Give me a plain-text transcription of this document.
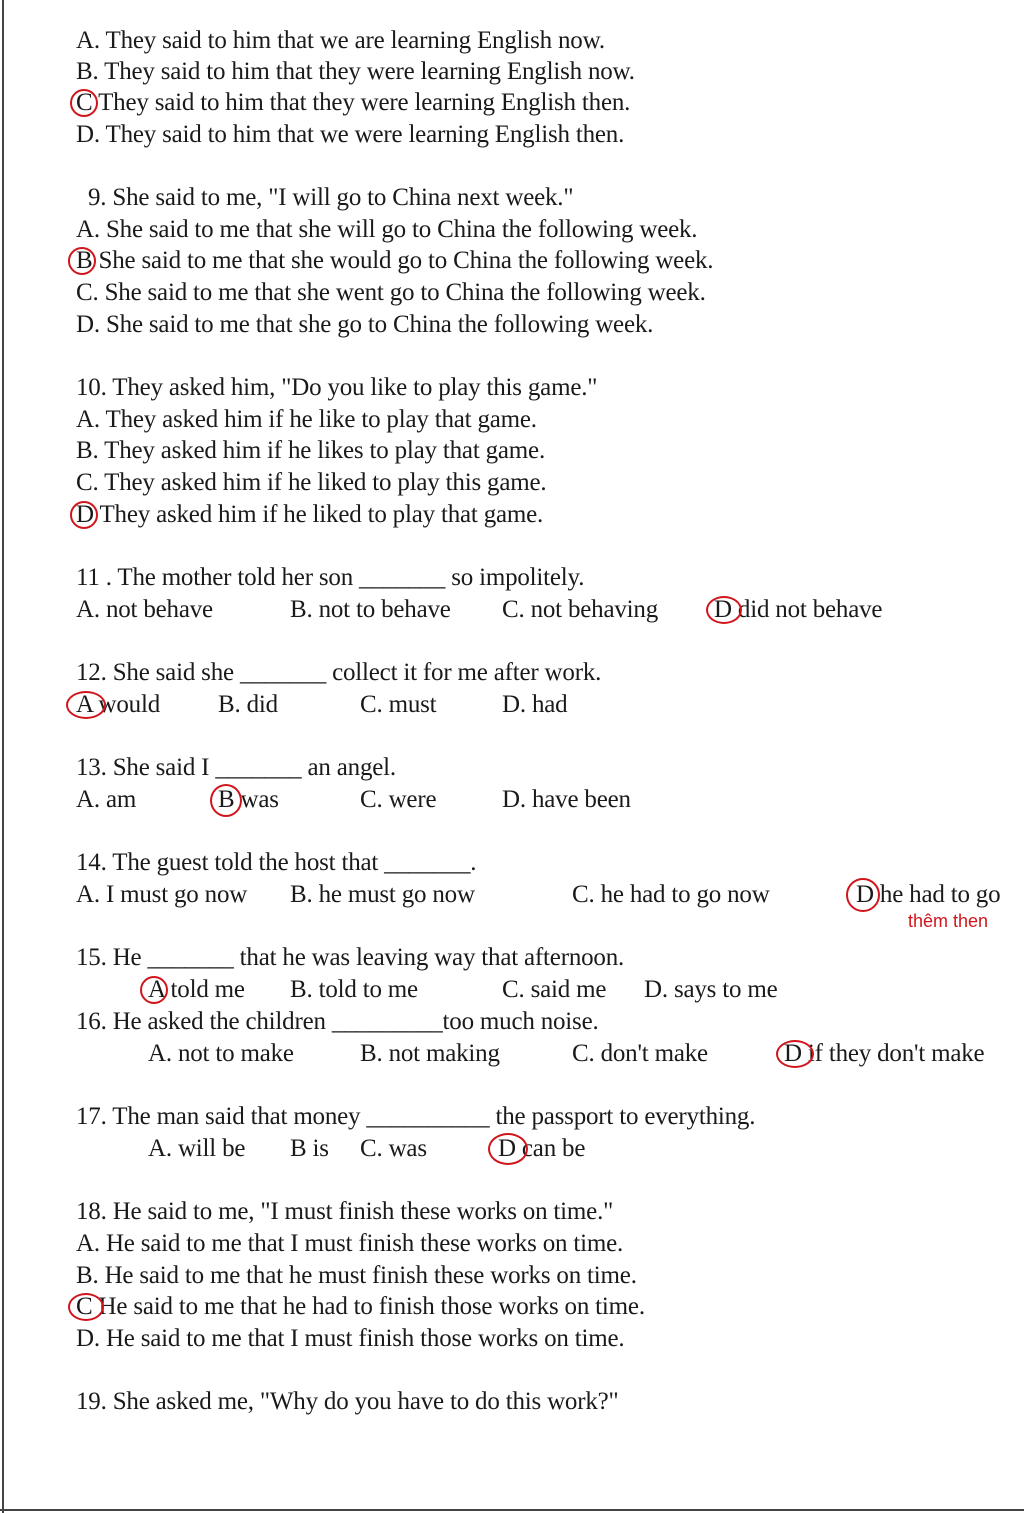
A. They said to him that we are learning English now.
B. They said to him that they were learning English now.
C They said to him that they were learning English then.
D. They said to him that we were learning English then.
9. She said to me, "I will go to China next week."
A. She said to me that she will go to China the following week.
B She said to me that she would go to China the following week.
C. She said to me that she went go to China the following week.
D. She said to me that she go to China the following week.
10. They asked him, "Do you like to play this game."
A. They asked him if he like to play that game.
B. They asked him if he likes to play that game.
C. They asked him if he liked to play this game.
D They asked him if he liked to play that game.
11 . The mother told her son _______ so impolitely.
A. not behave	B. not to behave C. not behaving D did not behave
12. She said she _______ collect it for me after work.
A would B. did	C. must	D. had
13. She said I _______ an angel.
A. am	B was	C. were	D. have been
14. The guest told the host that _______.
A. I must go now B. he must go now	C. he had to go now	D he had to go
thêm then
15. He _______ that he was leaving way that afternoon.
A told me B. told to me	C. said me D. says to me
16. He asked the children _________too much noise.
A. not to make	B. not making	C. don't make	D if they don't make
17. The man said that money __________ the passport to everything.
A. will be B is C. was	D can be
18. He said to me, "I must finish these works on time."
A. He said to me that I must finish these works on time.
B. He said to me that he must finish these works on time.
C He said to me that he had to finish those works on time.
D. He said to me that I must finish those works on time.
19. She asked me, "Why do you have to do this work?"
